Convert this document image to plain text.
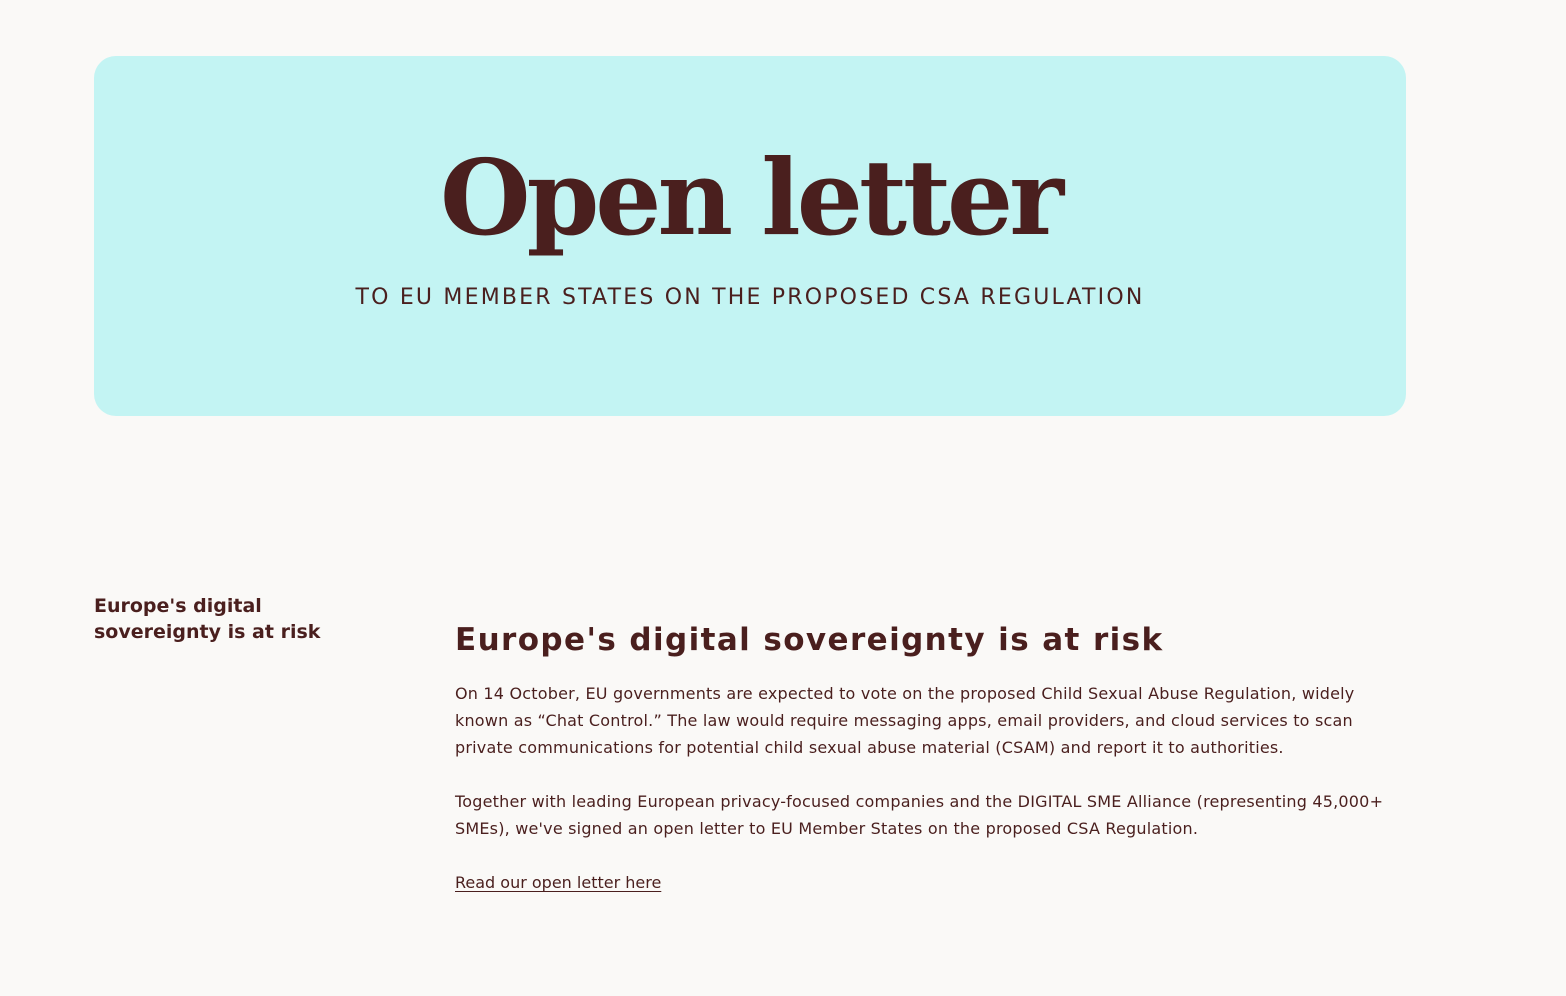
Open letter
TO EU MEMBER STATES ON THE PROPOSED CSA REGULATION
Europe's digital sovereignty is at risk	Europe's digital sovereignty is at risk

On 14 October, EU governments are expected to vote on the proposed Child Sexual Abuse Regulation, widely known as “Chat Control.” The law would require messaging apps, email providers, and cloud services to scan private communications for potential child sexual abuse material (CSAM) and report it to authorities.

Together with leading European privacy-focused companies and the DIGITAL SME Alliance (representing 45,000+ SMEs), we've signed an open letter to EU Member States on the proposed CSA Regulation.

Read our open letter here
